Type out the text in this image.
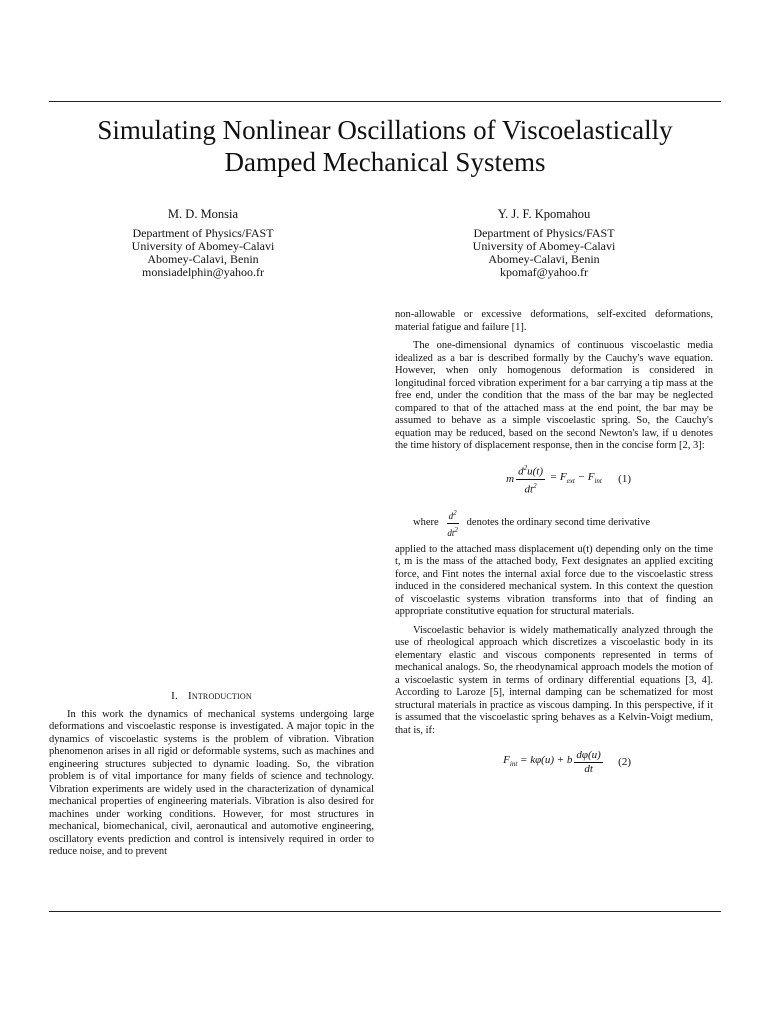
Simulating Nonlinear Oscillations of Viscoelastically
Damped Mechanical Systems
M. D. Monsia
Department of Physics/FAST
University of Abomey-Calavi
Abomey-Calavi, Benin
monsiadelphin@yahoo.fr
Y. J. F. Kpomahou
Department of Physics/FAST
University of Abomey-Calavi
Abomey-Calavi, Benin
kpomaf@yahoo.fr
I. Introduction

In this work the dynamics of mechanical systems undergoing large deformations and viscoelastic response is investigated. A major topic in the dynamics of viscoelastic systems is the problem of vibration. Vibration phenomenon arises in all rigid or deformable systems, such as machines and engineering structures subjected to dynamic loading. So, the vibration problem is of vital importance for many fields of science and technology. Vibration experiments are widely used in the characterization of dynamical mechanical properties of engineering materials. Vibration is also desired for machines under working conditions. However, for most structures in mechanical, biomechanical, civil, aeronautical and automotive engineering, oscillatory events prediction and control is intensively required in order to reduce noise, and to prevent

non-allowable or excessive deformations, self-excited deformations, material fatigue and failure [1].

The one-dimensional dynamics of continuous viscoelastic media idealized as a bar is described formally by the Cauchy's wave equation. However, when only homogenous deformation is considered in longitudinal forced vibration experiment for a bar carrying a tip mass at the free end, under the condition that the mass of the bar may be neglected compared to that of the attached mass at the end point, the bar may be assumed to behave as a simple viscoelastic spring. So, the Cauchy's equation may be reduced, based on the second Newton's law, if u denotes the time history of displacement response, then in the concise form [2, 3]:

m $\frac{d^2u(t)}{dt^2} = F_{ext} - F_{int}$ (1)
where $\frac{d^2}{dt^2}$ denotes the ordinary second time derivative

applied to the attached mass displacement u(t) depending only on the time t, m is the mass of the attached body, Fext designates an applied exciting force, and Fint notes the internal axial force due to the viscoelastic stress induced in the considered mechanical system. In this context the question of viscoelastic systems vibration transforms into that of finding an appropriate constitutive equation for structural materials.

Viscoelastic behavior is widely mathematically analyzed through the use of rheological approach which discretizes a viscoelastic body in its elementary elastic and viscous components represented in terms of mechanical analogs. So, the rheodynamical approach models the motion of a viscoelastic system in terms of ordinary differential equations [3, 4]. According to Laroze [5], internal damping can be schematized for most structural materials in practice as viscous damping. In this perspective, if it is assumed that the viscoelastic spring behaves as a Kelvin-Voigt medium, that is, if:

$F_{int} = k\varphi(u) + b \frac{d\varphi(u)}{dt} (2)$
